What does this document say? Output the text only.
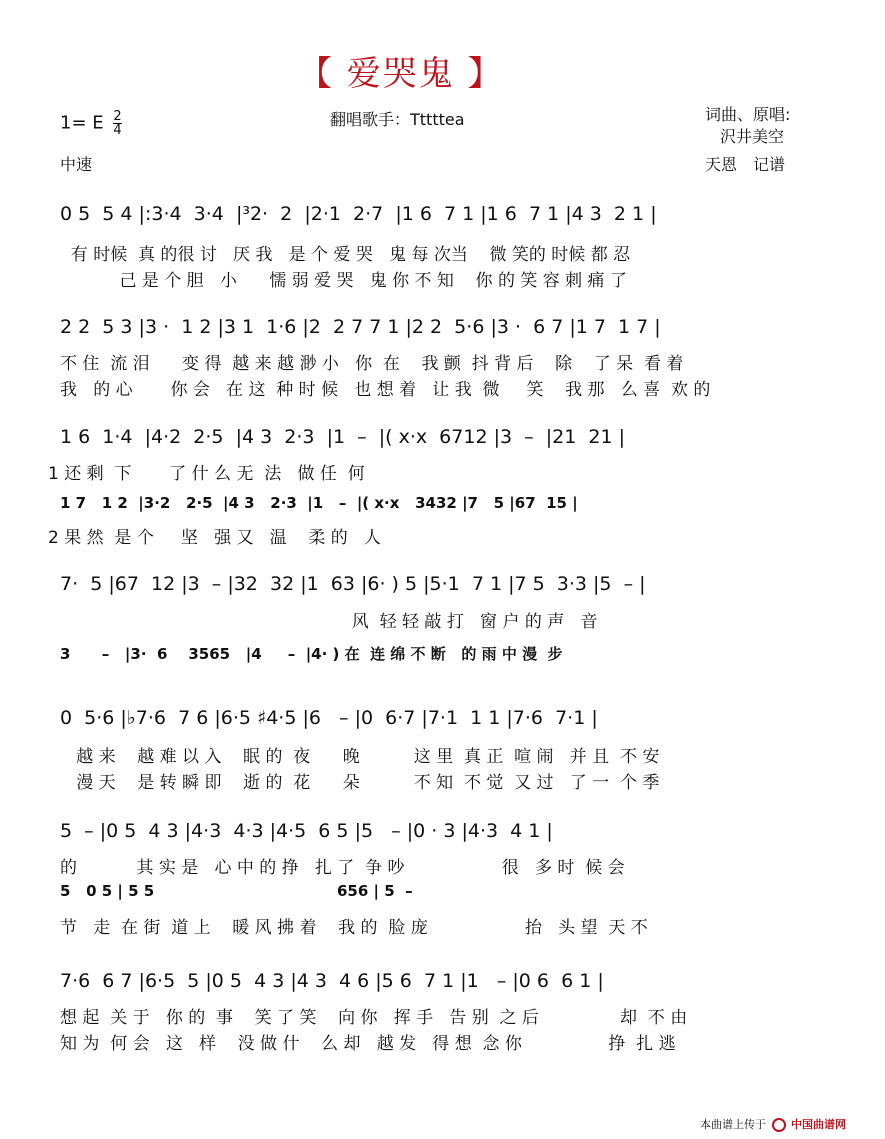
【 爱哭鬼 】
1= E $\frac{2}{4}$
中速
翻唱歌手：Tttttea	词曲、原唱:
沢井美空
天恩　记谱
0 5  5 4 |:3·4  3·4  |³2·  2  |2·1  2·7  |1 6  7 1 |1 6  7 1 |4 3  2 1 |
有 时候  真 的很 讨   厌 我   是 个 爱 哭   鬼 每 次当    微 笑的 时候 都 忍
己 是 个 胆   小      懦 弱 爱 哭   鬼 你 不 知    你 的 笑 容 刺 痛 了
2 2  5 3 |3 ·  1 2 |3 1  1·6 |2  2 7 7 1 |2 2  5·6 |3 ·  6 7 |1 7  1 7 |
不 住  流 泪      变 得  越 来 越 渺 小   你  在    我 颤  抖 背 后    除    了 呆  看 着
我   的 心       你 会   在 这  种 时 候   也 想 着   让 我  微     笑    我 那   么 喜  欢 的
1 6  1·4  |4·2  2·5  |4 3  2·3  |1  –  |( x·x  6712 |3  –  |21  21 |
1 还 剩  下       了 什 么 无  法   做 任  何
1 7   1 2  |3·2   2·5  |4 3   2·3  |1   –  |( x·x   3432 |7   5 |67  15 |
2 果 然  是 个     坚   强 又   温    柔 的   人
7·  5 |67  12 |3  – |32  32 |1  63 |6· ) 5 |5·1  7 1 |7 5  3·3 |5  – |
风  轻 轻 敲 打   窗 户 的 声   音
3      –   |3·  6    3565   |4     –  |4· ) 在  连 绵 不 断   的 雨 中 漫  步
0  5·6 |♭7·6  7 6 |6·5 ♯4·5 |6   – |0  6·7 |7·1  1 1 |7·6  7·1 |
越 来    越 难 以 入    眠 的  夜      晚          这 里  真 正  喧 闹   并 且  不 安
漫 天    是 转 瞬 即    逝 的  花      朵          不 知  不 觉  又 过   了 一  个 季
5  – |0 5  4 3 |4·3  4·3 |4·5  6 5 |5   – |0 · 3 |4·3  4 1 |
的           其 实 是   心 中 的 挣   扎 了  争 吵                  很   多 时  候 会
5   0 5 | 5 5                                   656 | 5  –
节   走  在 街  道 上    暖 风 拂 着    我 的  脸 庞                  抬   头 望  天 不
7·6  6 7 |6·5  5 |0 5  4 3 |4 3  4 6 |5 6  7 1 |1   – |0 6  6 1 |
想 起  关 于   你 的  事    笑 了 笑    向 你   挥 手   告 别  之 后               却  不 由
知 为  何 会   这   样    没 做 什    么 却   越 发   得 想  念 你                挣  扎 逃
本曲谱上传于 中国曲谱网
